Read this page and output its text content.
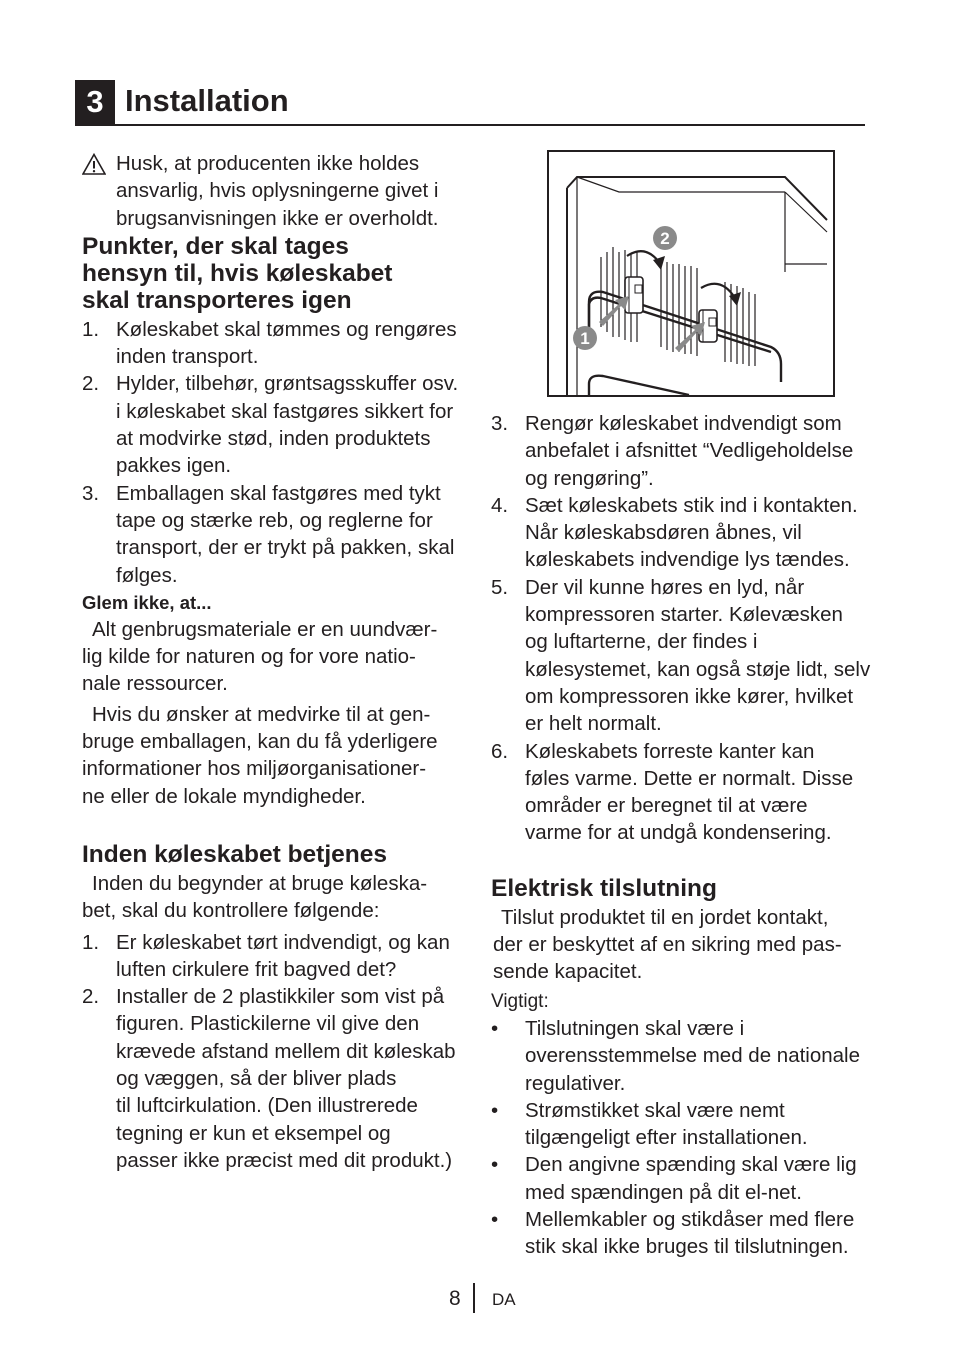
3 Installation
Husk, at producenten ikke holdes
ansvarlig, hvis oplysningerne givet i
brugsanvisningen ikke er overholdt.
Punkter, der skal tages
hensyn til, hvis køleskabet
skal transporteres igen
1. Køleskabet skal tømmes og rengøres
inden transport.
2. Hylder, tilbehør, grøntsagsskuffer osv.
i køleskabet skal fastgøres sikkert for
at modvirke stød, inden produktets
pakkes igen.
3. Emballagen skal fastgøres med tykt
tape og stærke reb, og reglerne for
transport, der er trykt på pakken, skal
følges.
Glem ikke, at...
Alt genbrugsmateriale er en uundvær-
lig kilde for naturen og for vore natio-
nale ressourcer.
Hvis du ønsker at medvirke til at gen-
bruge emballagen, kan du få yderligere
informationer hos miljøorganisationer-
ne eller de lokale myndigheder.
Inden køleskabet betjenes
Inden du begynder at bruge køleska-
bet, skal du kontrollere følgende:
1. Er køleskabet tørt indvendigt, og kan
luften cirkulere frit bagved det?
2. Installer de 2 plastikkiler som vist på
figuren. Plastickilerne vil give den
krævede afstand mellem dit køleskab
og væggen, så der bliver plads
til luftcirkulation. (Den illustrerede
tegning er kun et eksempel og
passer ikke præcist med dit produkt.)
1
2
3. Rengør køleskabet indvendigt som
anbefalet i afsnittet “Vedligeholdelse
og rengøring”.
4. Sæt køleskabets stik ind i kontakten.
Når køleskabsdøren åbnes, vil
køleskabets indvendige lys tændes.
5. Der vil kunne høres en lyd, når
kompressoren starter. Kølevæsken
og luftarterne, der findes i
kølesystemet, kan også støje lidt, selv
om kompressoren ikke kører, hvilket
er helt normalt.
6. Køleskabets forreste kanter kan
føles varme. Dette er normalt. Disse
områder er beregnet til at være
varme for at undgå kondensering.
Elektrisk tilslutning
Tilslut produktet til en jordet kontakt,
der er beskyttet af en sikring med pas-
sende kapacitet.
Vigtigt:
• Tilslutningen skal være i
overensstemmelse med de nationale
regulativer.
• Strømstikket skal være nemt
tilgængeligt efter installationen.
• Den angivne spænding skal være lig
med spændingen på dit el-net.
• Mellemkabler og stikdåser med flere
stik skal ikke bruges til tilslutningen.
8 DA
